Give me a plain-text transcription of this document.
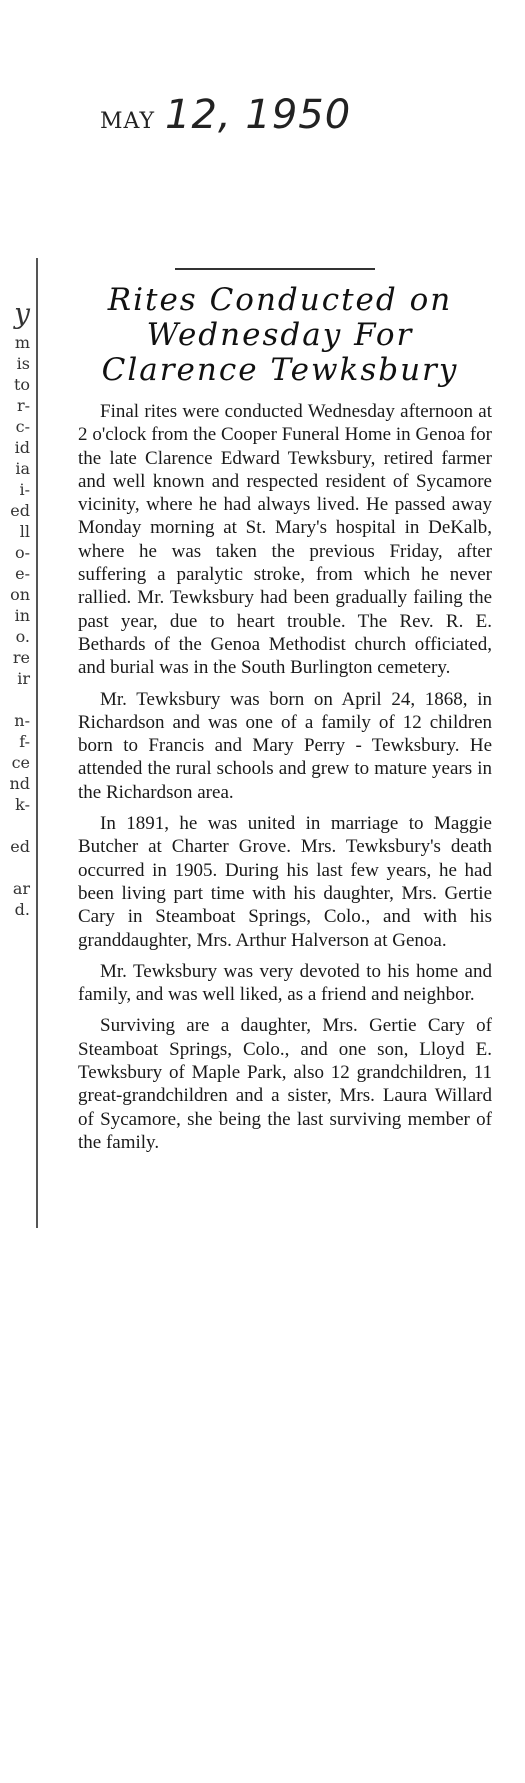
MAY 12, 1950
y
m
is
to
r-
c-
id
ia
i-
ed
ll
o-
e-
on
in
o.
re
ir
n-
f-
ce
nd
k-
ed
ar
d.
Rites Conducted on
Wednesday For
Clarence Tewksbury

Final rites were conducted Wednesday afternoon at 2 o'clock from the Cooper Funeral Home in Genoa for the late Clarence Edward Tewksbury, retired farmer and well known and respected resident of Sycamore vicinity, where he had always lived. He passed away Monday morning at St. Mary's hospital in DeKalb, where he was taken the previous Friday, after suffering a paralytic stroke, from which he never rallied. Mr. Tewksbury had been gradually failing the past year, due to heart trouble. The Rev. R. E. Bethards of the Genoa Methodist church officiated, and burial was in the South Burlington cemetery.

Mr. Tewksbury was born on April 24, 1868, in Richardson and was one of a family of 12 children born to Francis and Mary Perry - Tewksbury. He attended the rural schools and grew to mature years in the Richardson area.

In 1891, he was united in marriage to Maggie Butcher at Charter Grove. Mrs. Tewksbury's death occurred in 1905. During his last few years, he had been living part time with his daughter, Mrs. Gertie Cary in Steamboat Springs, Colo., and with his granddaughter, Mrs. Arthur Halverson at Genoa.

Mr. Tewksbury was very devoted to his home and family, and was well liked, as a friend and neighbor.

Surviving are a daughter, Mrs. Gertie Cary of Steamboat Springs, Colo., and one son, Lloyd E. Tewksbury of Maple Park, also 12 grandchildren, 11 great-grandchildren and a sister, Mrs. Laura Willard of Sycamore, she being the last surviving member of the family.
